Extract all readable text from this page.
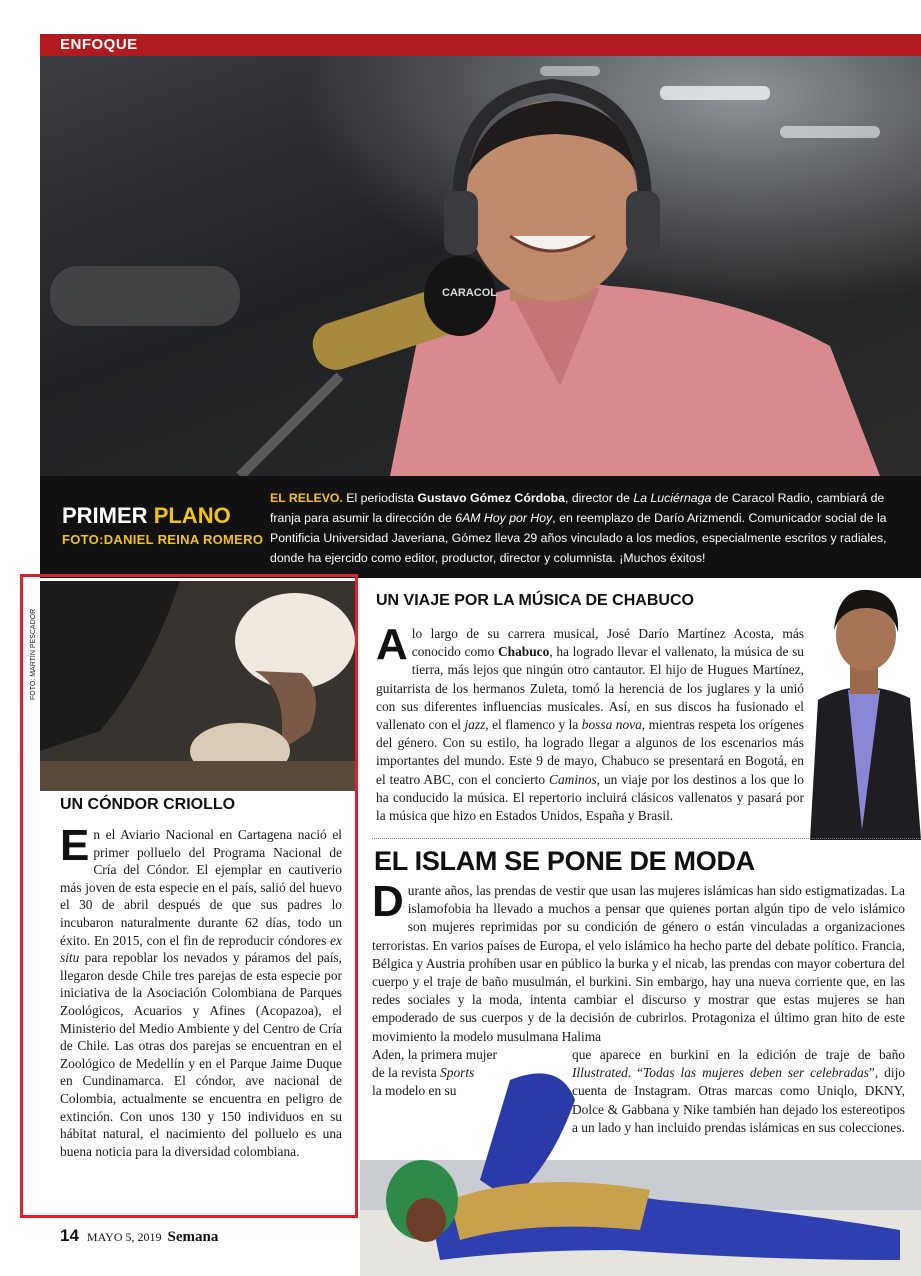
ENFOQUE
CARACOL
PRIMER PLANO
FOTO:DANIEL REINA ROMERO
EL RELEVO. El periodista Gustavo Gómez Córdoba, director de La Luciérnaga de Caracol Radio, cambiará de franja para asumir la dirección de 6AM Hoy por Hoy, en reemplazo de Darío Arizmendi. Comunicador social de la Pontificia Universidad Javeriana, Gómez lleva 29 años vinculado a los medios, especialmente escritos y radiales, donde ha ejercido como editor, productor, director y columnista. ¡Muchos éxitos!
FOTO: MARTÍN PESCADOR
UN CÓNDOR CRIOLLO
En el Aviario Nacional en Cartagena nació el primer polluelo del Programa Nacional de Cría del Cóndor. El ejemplar en cautiverio más joven de esta especie en el país, salió del huevo el 30 de abril después de que sus padres lo incubaron naturalmente durante 62 días, todo un éxito. En 2015, con el fin de reproducir cóndores ex situ para repoblar los nevados y páramos del país, llegaron desde Chile tres parejas de esta especie por iniciativa de la Asociación Colombiana de Parques Zoológicos, Acuarios y Afines (Acopazoa), el Ministerio del Medio Ambiente y del Centro de Cría de Chile. Las otras dos parejas se encuentran en el Zoológico de Medellín y en el Parque Jaime Duque en Cundinamarca. El cóndor, ave nacional de Colombia, actualmente se encuentra en peligro de extinción. Con unos 130 y 150 individuos en su hábitat natural, el nacimiento del polluelo es una buena noticia para la diversidad colombiana.
UN VIAJE POR LA MÚSICA DE CHABUCO
A lo largo de su carrera musical, José Darío Martínez Acosta, más conocido como Chabuco, ha logrado llevar el vallenato, la música de su tierra, más lejos que ningún otro cantautor. El hijo de Hugues Martínez, guitarrista de los hermanos Zuleta, tomó la herencia de los juglares y la unió con sus diferentes influencias musicales. Así, en sus discos ha fusionado el vallenato con el jazz, el flamenco y la bossa nova, mientras respeta los orígenes del género. Con su estilo, ha logrado llegar a algunos de los escenarios más importantes del mundo. Este 9 de mayo, Chabuco se presentará en Bogotá, en el teatro ABC, con el concierto Caminos, un viaje por los destinos a los que lo ha conducido la música. El repertorio incluirá clásicos vallenatos y pasará por la música que hizo en Estados Unidos, España y Brasil.
EL ISLAM SE PONE DE MODA
Durante años, las prendas de vestir que usan las mujeres islámicas han sido estigmatizadas. La islamofobia ha llevado a muchos a pensar que quienes portan algún tipo de velo islámico son mujeres reprimidas por su condición de género o están vinculadas a organizaciones terroristas. En varios países de Europa, el velo islámico ha hecho parte del debate político. Francia, Bélgica y Austria prohíben usar en público la burka y el nicab, las prendas con mayor cobertura del cuerpo y el traje de baño musulmán, el burkini. Sin embargo, hay una nueva corriente que, en las redes sociales y la moda, intenta cambiar el discurso y mostrar que estas mujeres se han empoderado de sus cuerpos y de la decisión de cubrirlos. Protagoniza el último gran hito de este movimiento la modelo musulmana Halima
Aden, la primera mujer
de la revista Sports
la modelo en su
que aparece en burkini en la edición de traje de baño Illustrated. “Todas las mujeres deben ser celebradas”, dijo cuenta de Instagram. Otras marcas como Uniqlo, DKNY, Dolce & Gabbana y Nike también han dejado los estereotipos a un lado y han incluido prendas islámicas en sus colecciones.
14 MAYO 5, 2019 Semana
